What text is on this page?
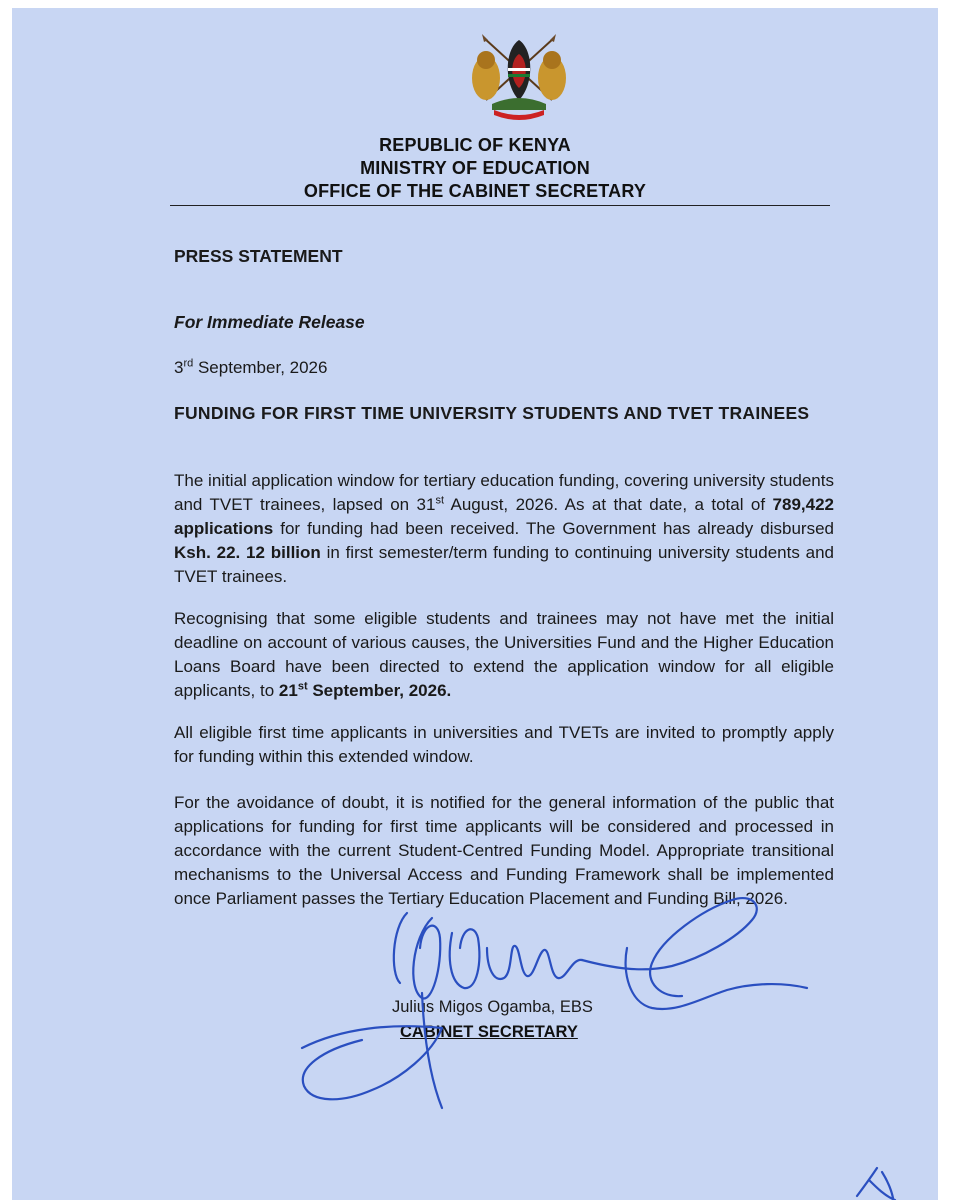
REPUBLIC OF KENYA
MINISTRY OF EDUCATION
OFFICE OF THE CABINET SECRETARY
PRESS STATEMENT
For Immediate Release
3rd September, 2026
FUNDING FOR FIRST TIME UNIVERSITY STUDENTS AND TVET TRAINEES
The initial application window for tertiary education funding, covering university students and TVET trainees, lapsed on 31st August, 2026. As at that date, a total of 789,422 applications for funding had been received. The Government has already disbursed Ksh. 22. 12 billion in first semester/term funding to continuing university students and TVET trainees.
Recognising that some eligible students and trainees may not have met the initial deadline on account of various causes, the Universities Fund and the Higher Education Loans Board have been directed to extend the application window for all eligible applicants, to 21st September, 2026.
All eligible first time applicants in universities and TVETs are invited to promptly apply for funding within this extended window.
For the avoidance of doubt, it is notified for the general information of the public that applications for funding for first time applicants will be considered and processed in accordance with the current Student-Centred Funding Model. Appropriate transitional mechanisms to the Universal Access and Funding Framework shall be implemented once Parliament passes the Tertiary Education Placement and Funding Bill, 2026.
Julius Migos Ogamba, EBS
CABINET SECRETARY
